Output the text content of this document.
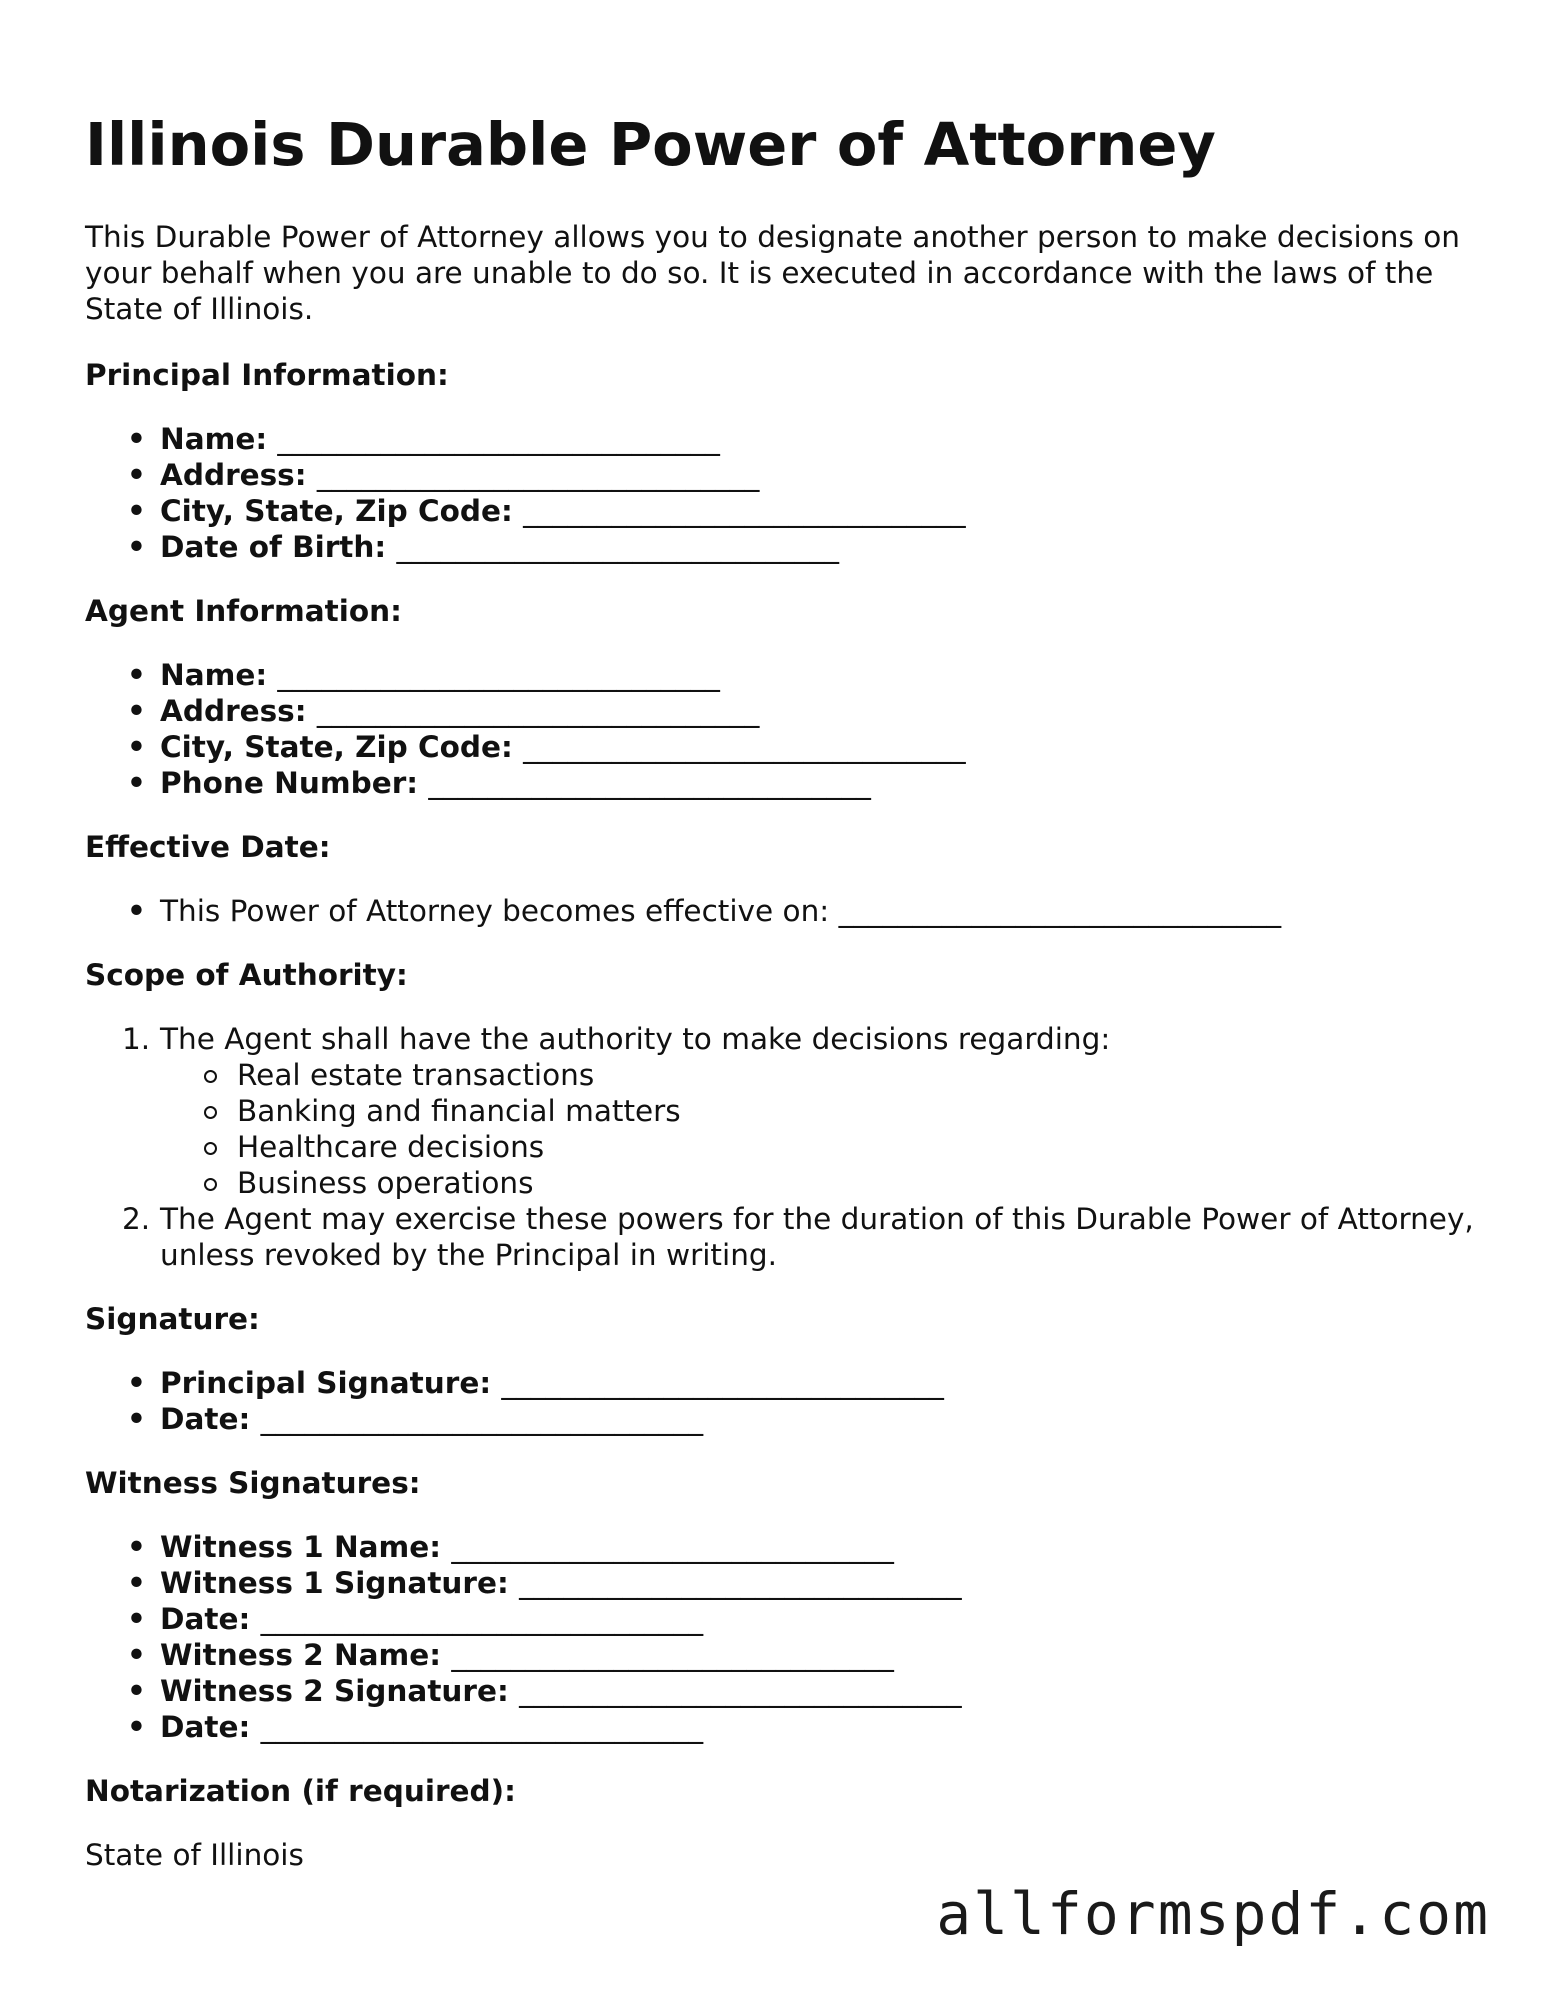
Illinois Durable Power of Attorney

This Durable Power of Attorney allows you to designate another person to make decisions on your behalf when you are unable to do so. It is executed in accordance with the laws of the State of Illinois.

Principal Information:
• Name: ______________________________
• Address: ______________________________
• City, State, Zip Code: ______________________________
• Date of Birth: ______________________________
Agent Information:
• Name: ______________________________
• Address: ______________________________
• City, State, Zip Code: ______________________________
• Phone Number: ______________________________
Effective Date:
• This Power of Attorney becomes effective on: ______________________________
Scope of Authority:
The Agent shall have the authority to make decisions regarding:
Real estate transactions
Banking and financial matters
Healthcare decisions
Business operations
The Agent may exercise these powers for the duration of this Durable Power of Attorney, unless revoked by the Principal in writing.
Signature:
• Principal Signature: ______________________________
• Date: ______________________________
Witness Signatures:
• Witness 1 Name: ______________________________
• Witness 1 Signature: ______________________________
• Date: ______________________________
• Witness 2 Name: ______________________________
• Witness 2 Signature: ______________________________
• Date: ______________________________
Notarization (if required):

State of Illinois

allformspdf.com
